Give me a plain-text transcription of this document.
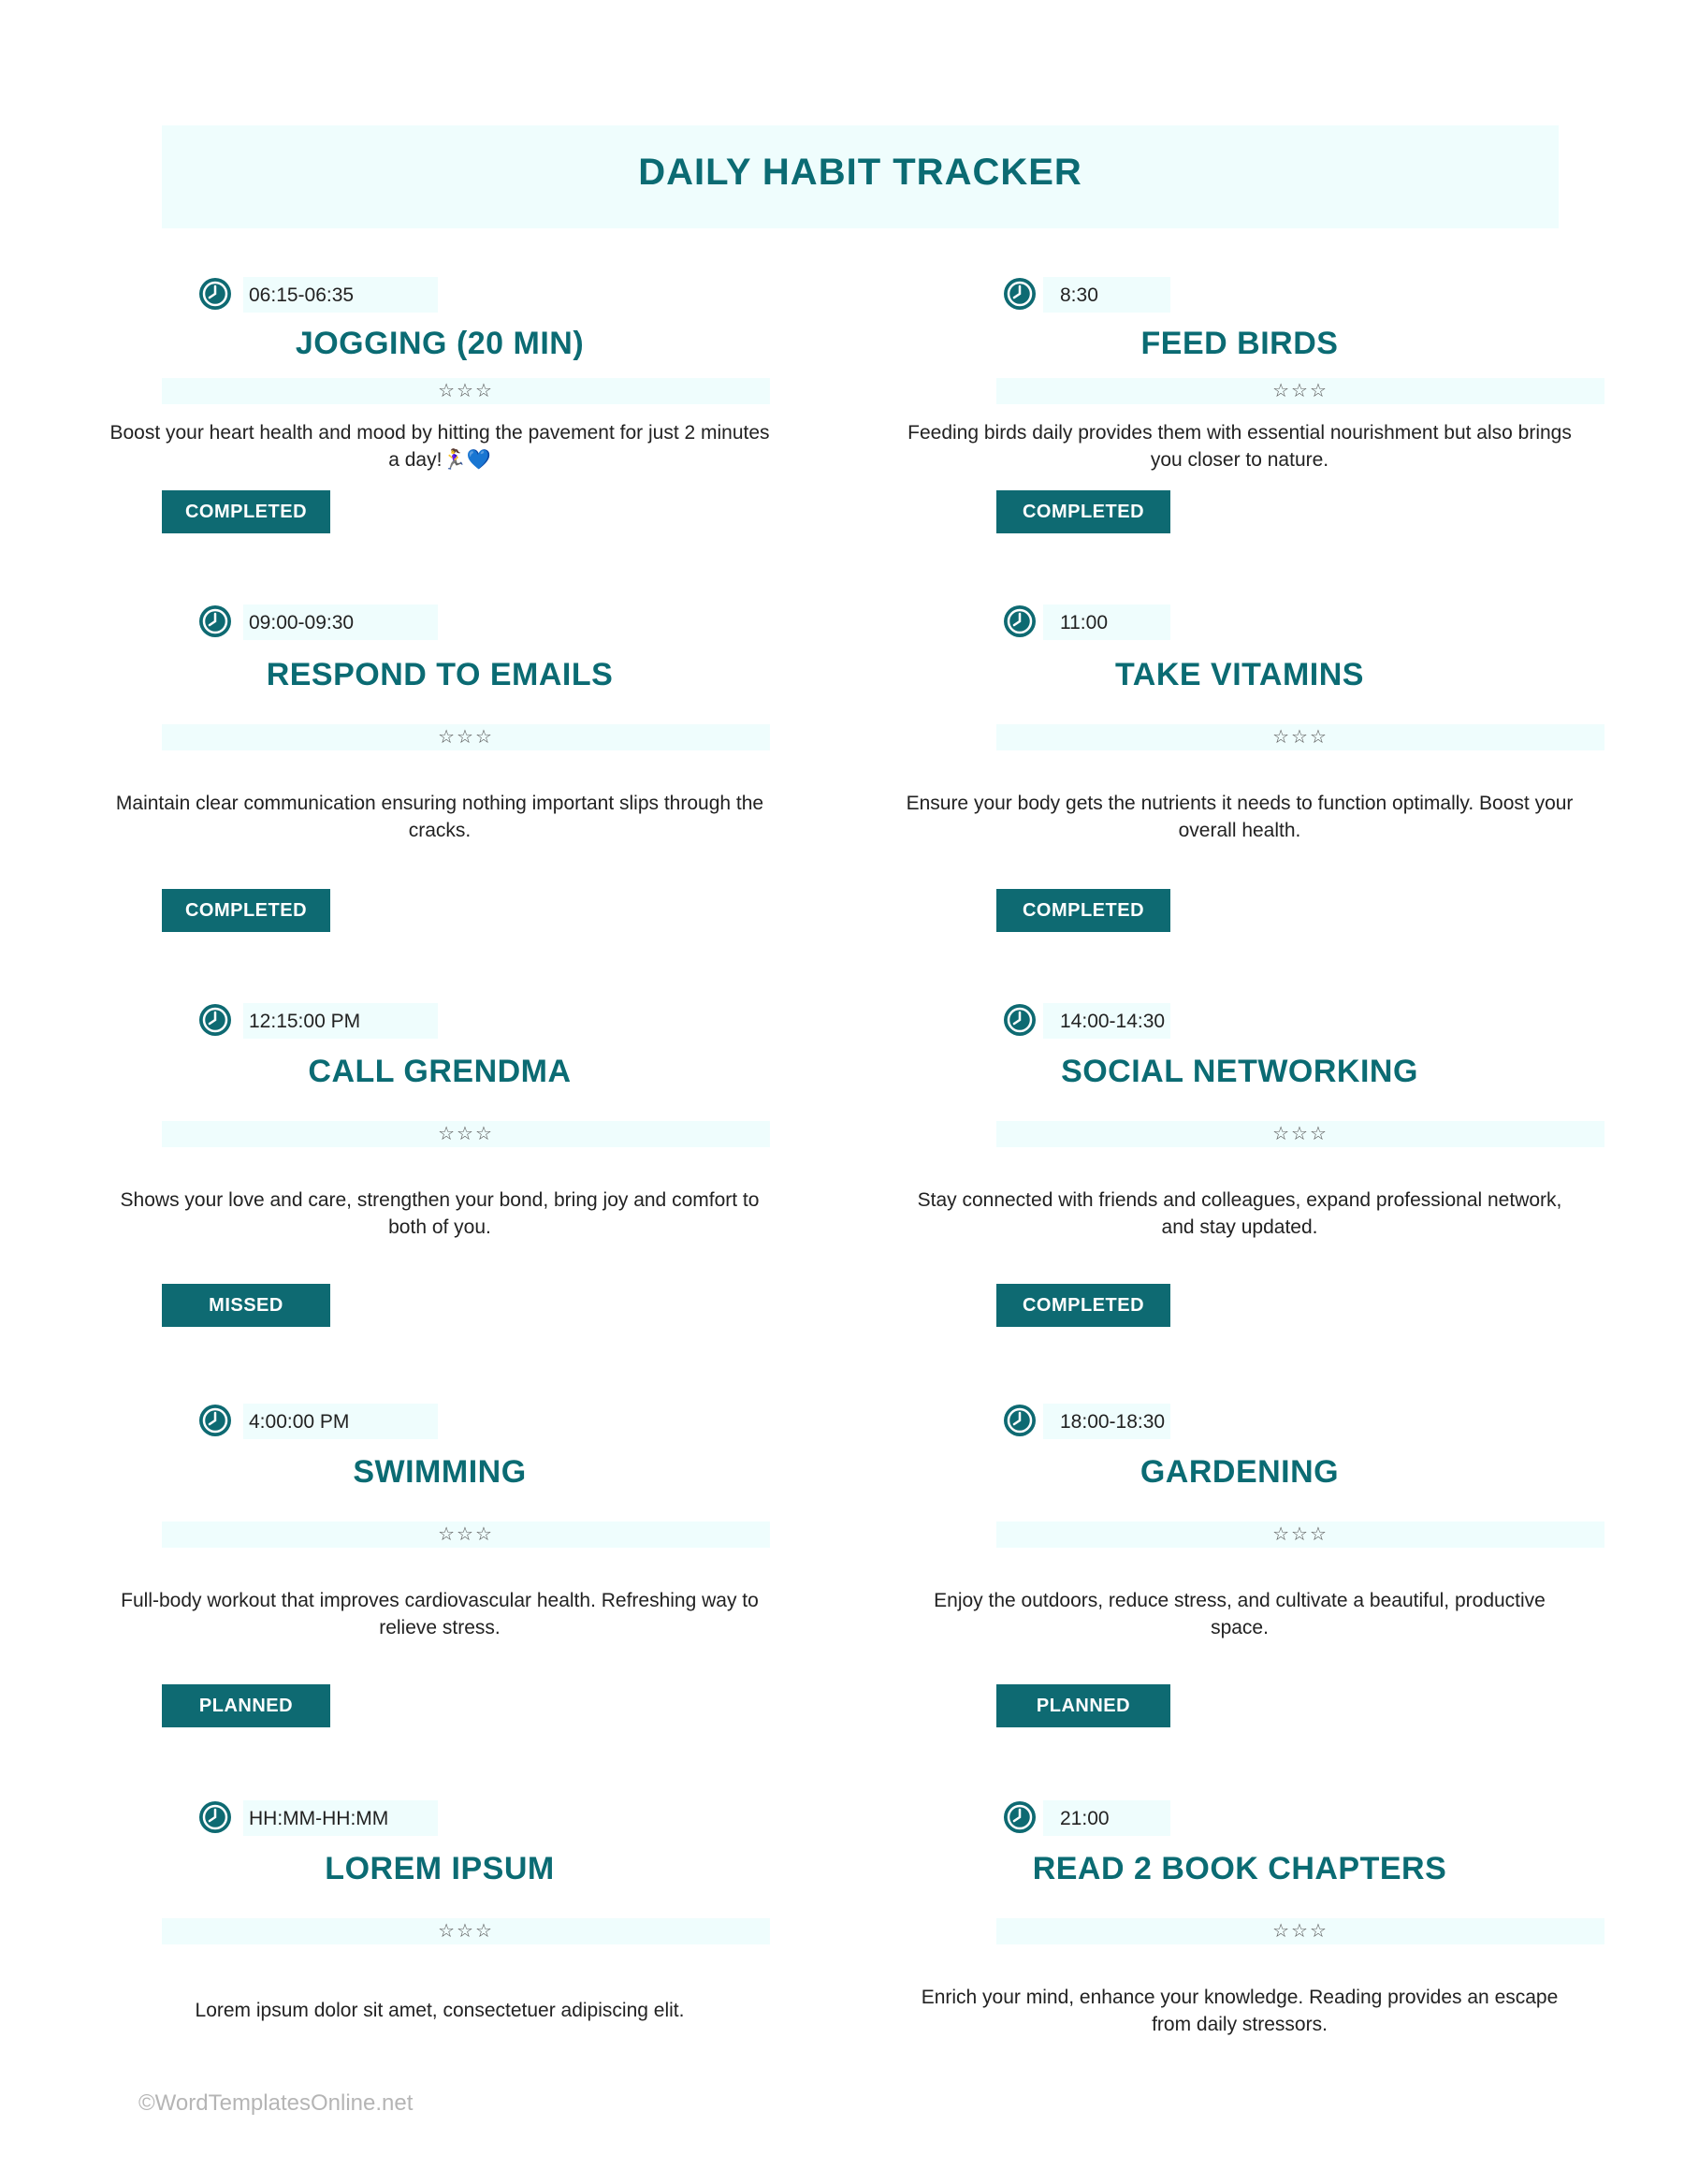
DAILY HABIT TRACKER
06:15-06:35
JOGGING (20 MIN)
☆☆☆
Boost your heart health and mood by hitting the pavement for just 2 minutes a day!🏃‍♀️💙
COMPLETED
8:30
FEED BIRDS
☆☆☆
Feeding birds daily provides them with essential nourishment but also brings you closer to nature.
COMPLETED
09:00-09:30
RESPOND TO EMAILS
☆☆☆
Maintain clear communication ensuring nothing important slips through the cracks.
COMPLETED
11:00
TAKE VITAMINS
☆☆☆
Ensure your body gets the nutrients it needs to function optimally. Boost your overall health.
COMPLETED
12:15:00 PM
CALL GRENDMA
☆☆☆
Shows your love and care, strengthen your bond, bring joy and comfort to both of you.
MISSED
14:00-14:30
SOCIAL NETWORKING
☆☆☆
Stay connected with friends and colleagues, expand professional network, and stay updated.
COMPLETED
4:00:00 PM
SWIMMING
☆☆☆
Full-body workout that improves cardiovascular health. Refreshing way to relieve stress.
PLANNED
18:00-18:30
GARDENING
☆☆☆
Enjoy the outdoors, reduce stress, and cultivate a beautiful, productive space.
PLANNED
HH:MM-HH:MM
LOREM IPSUM
☆☆☆
Lorem ipsum dolor sit amet, consectetuer adipiscing elit.
21:00
READ 2 BOOK CHAPTERS
☆☆☆
Enrich your mind, enhance your knowledge. Reading provides an escape from daily stressors.
©WordTemplatesOnline.net
